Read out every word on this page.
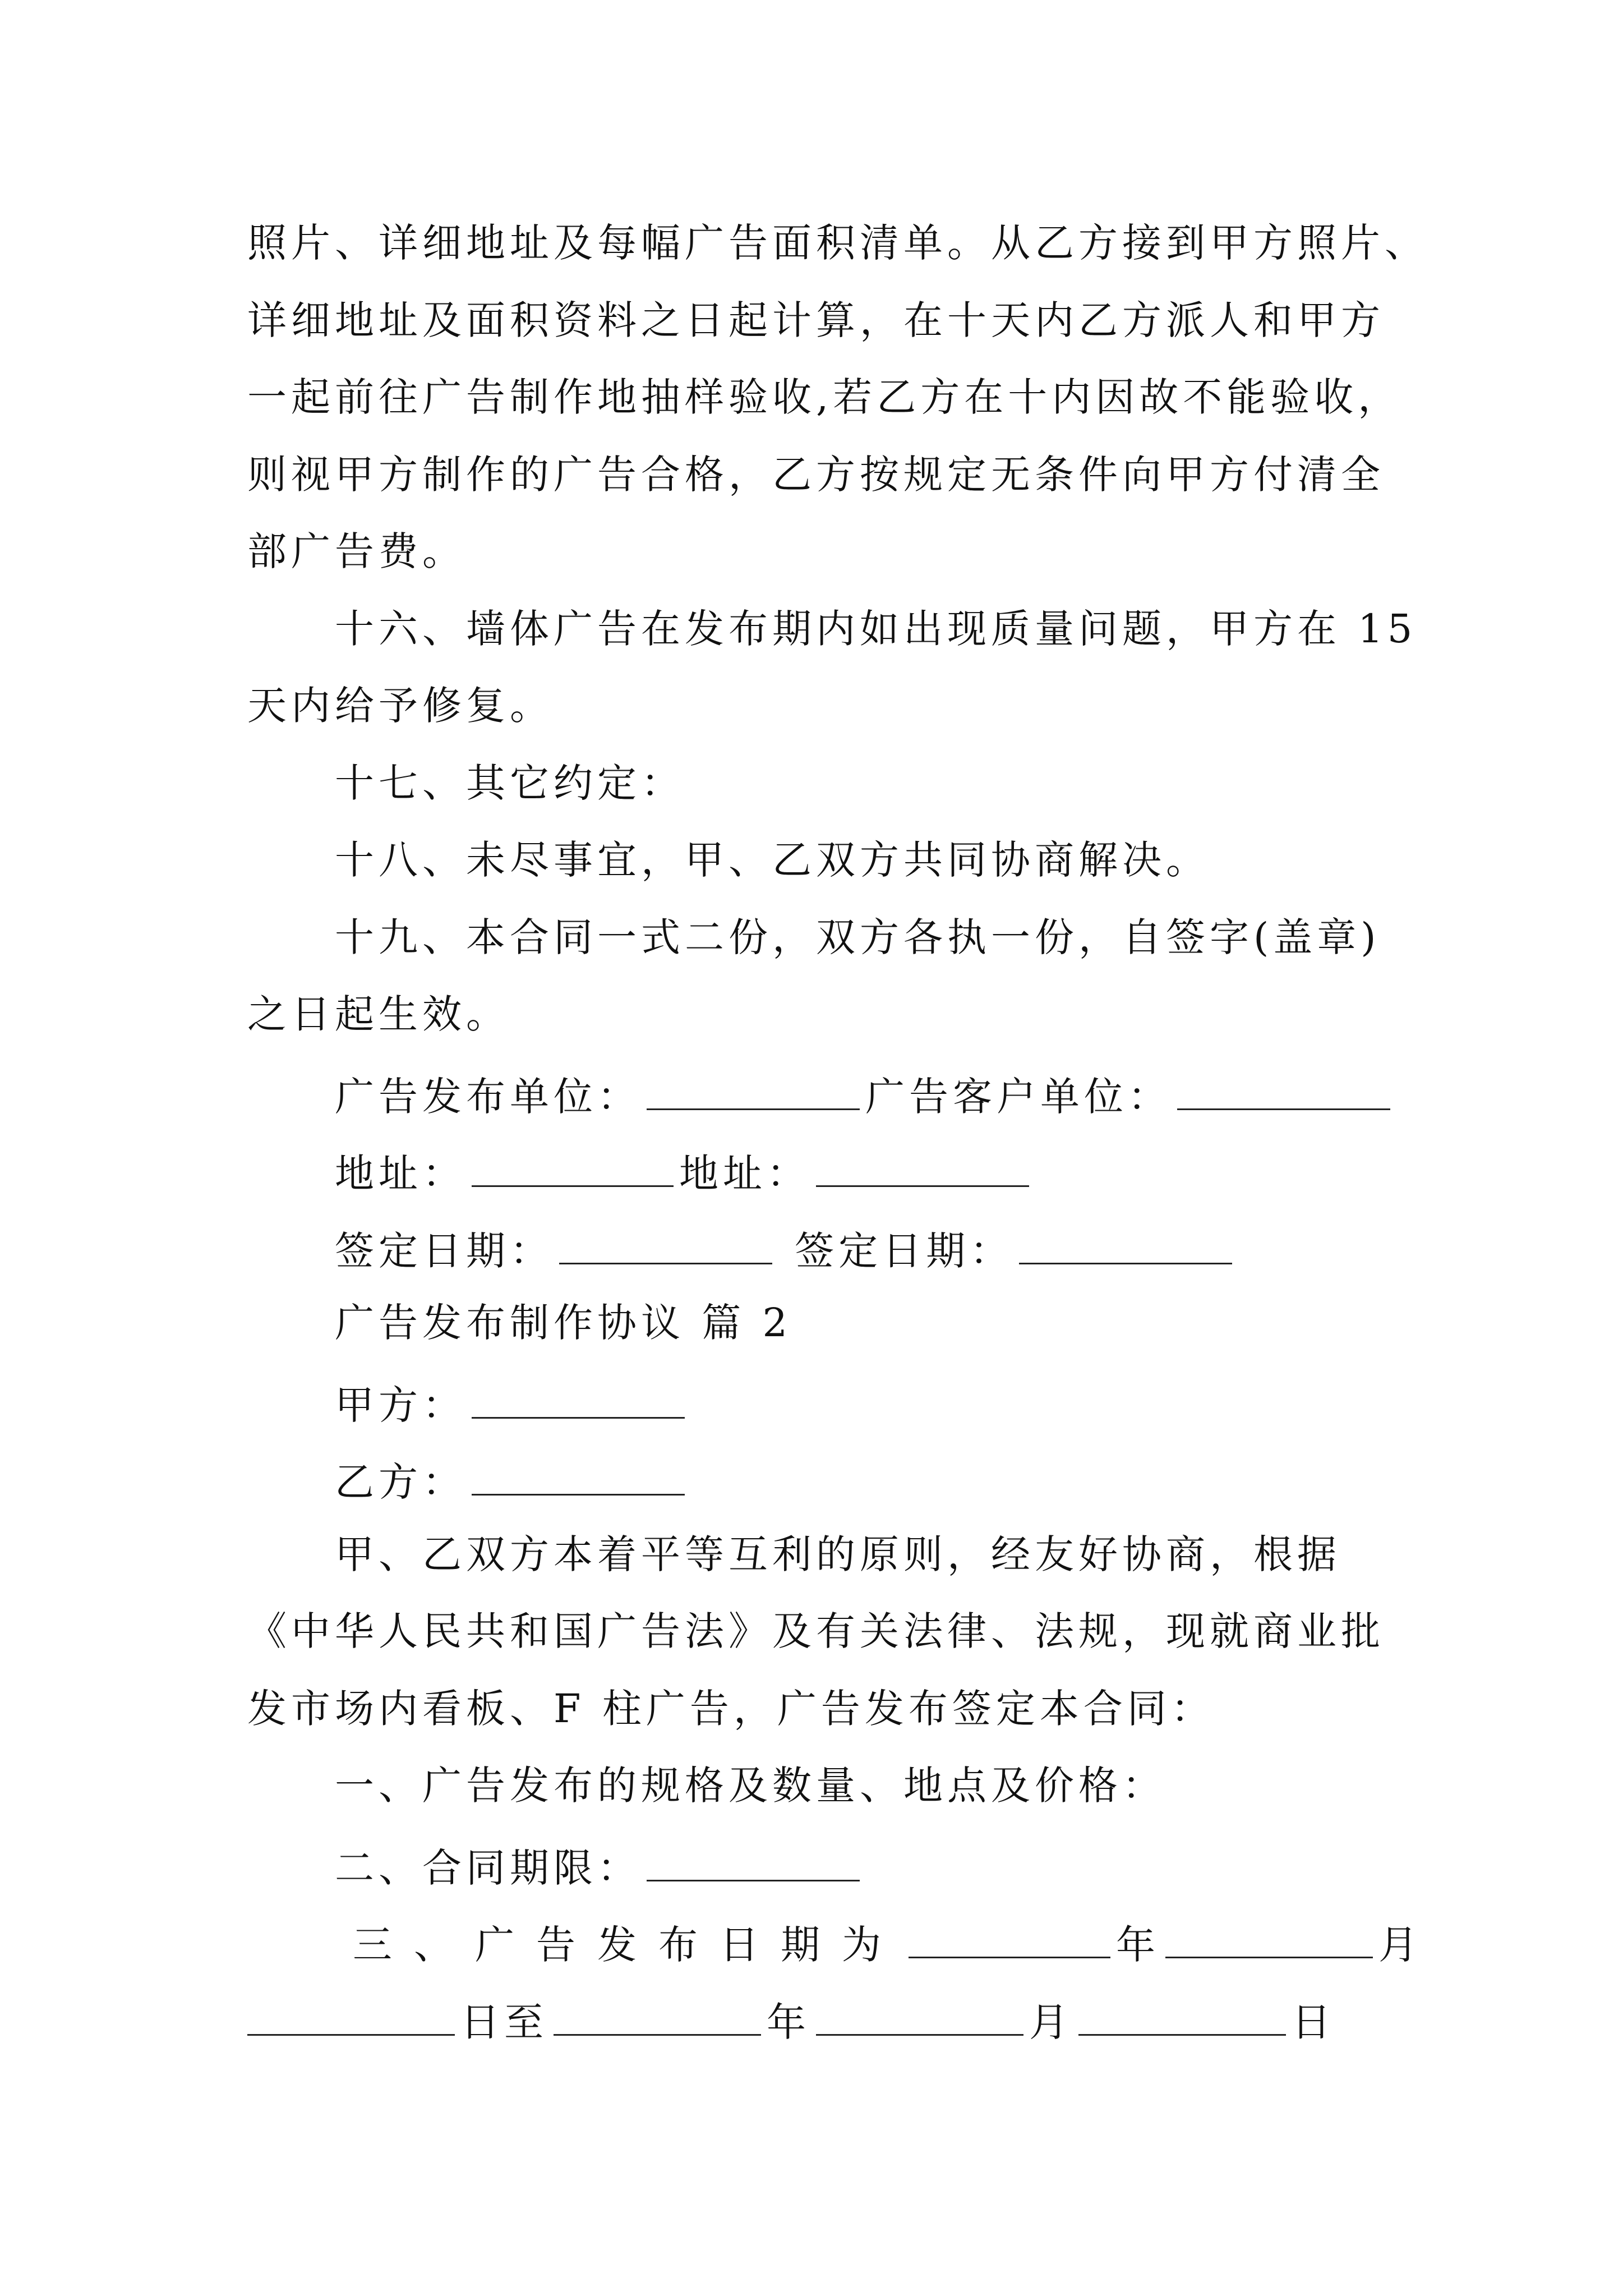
照片、详细地址及每幅广告面积清单。从乙方接到甲方照片、
详细地址及面积资料之日起计算，在十天内乙方派人和甲方
一起前往广告制作地抽样验收,若乙方在十内因故不能验收，
则视甲方制作的广告合格，乙方按规定无条件向甲方付清全
部广告费。
十六、墙体广告在发布期内如出现质量问题，甲方在 15
天内给予修复。
十七、其它约定：
十八、未尽事宜，甲、乙双方共同协商解决。
十九、本合同一式二份，双方各执一份，自签字(盖章)
之日起生效。
广告发布单位：	广告客户单位：
地址：	地址：
签定日期：	签定日期：
广告发布制作协议 篇 2
甲方：
乙方：
甲、乙双方本着平等互利的原则，经友好协商，根据
《中华人民共和国广告法》及有关法律、法规，现就商业批
发市场内看板、F 柱广告，广告发布签定本合同：
一、广告发布的规格及数量、地点及价格：
二、合同期限：
三、广告发布日期为	年	月
日至	年	月	日
